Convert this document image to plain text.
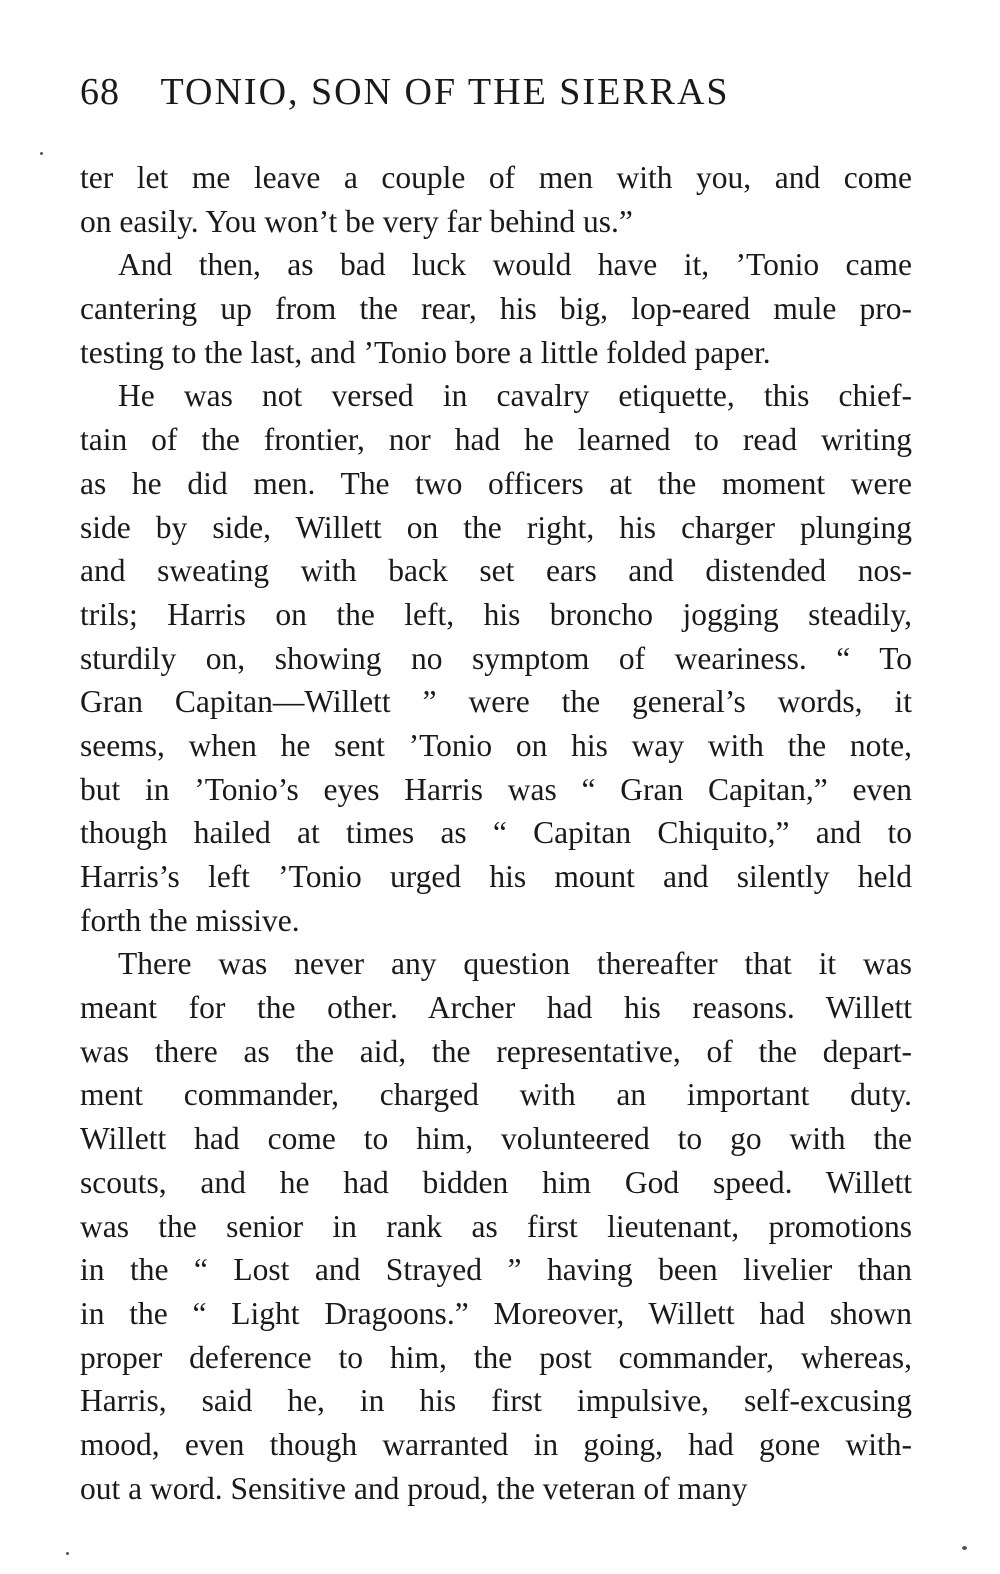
68 TONIO, SON OF THE SIERRAS
ter let me leave a couple of men with you, and come
on easily. You won’t be very far behind us.”
And then, as bad luck would have it, ’Tonio came
cantering up from the rear, his big, lop-eared mule pro-
testing to the last, and ’Tonio bore a little folded paper.
He was not versed in cavalry etiquette, this chief-
tain of the frontier, nor had he learned to read writing
as he did men. The two officers at the moment were
side by side, Willett on the right, his charger plunging
and sweating with back set ears and distended nos-
trils; Harris on the left, his broncho jogging steadily,
sturdily on, showing no symptom of weariness. “ To
Gran Capitan—Willett ” were the general’s words, it
seems, when he sent ’Tonio on his way with the note,
but in ’Tonio’s eyes Harris was “ Gran Capitan,” even
though hailed at times as “ Capitan Chiquito,” and to
Harris’s left ’Tonio urged his mount and silently held
forth the missive.
There was never any question thereafter that it was
meant for the other. Archer had his reasons. Willett
was there as the aid, the representative, of the depart-
ment commander, charged with an important duty.
Willett had come to him, volunteered to go with the
scouts, and he had bidden him God speed. Willett
was the senior in rank as first lieutenant, promotions
in the “ Lost and Strayed ” having been livelier than
in the “ Light Dragoons.” Moreover, Willett had shown
proper deference to him, the post commander, whereas,
Harris, said he, in his first impulsive, self-excusing
mood, even though warranted in going, had gone with-
out a word. Sensitive and proud, the veteran of many
